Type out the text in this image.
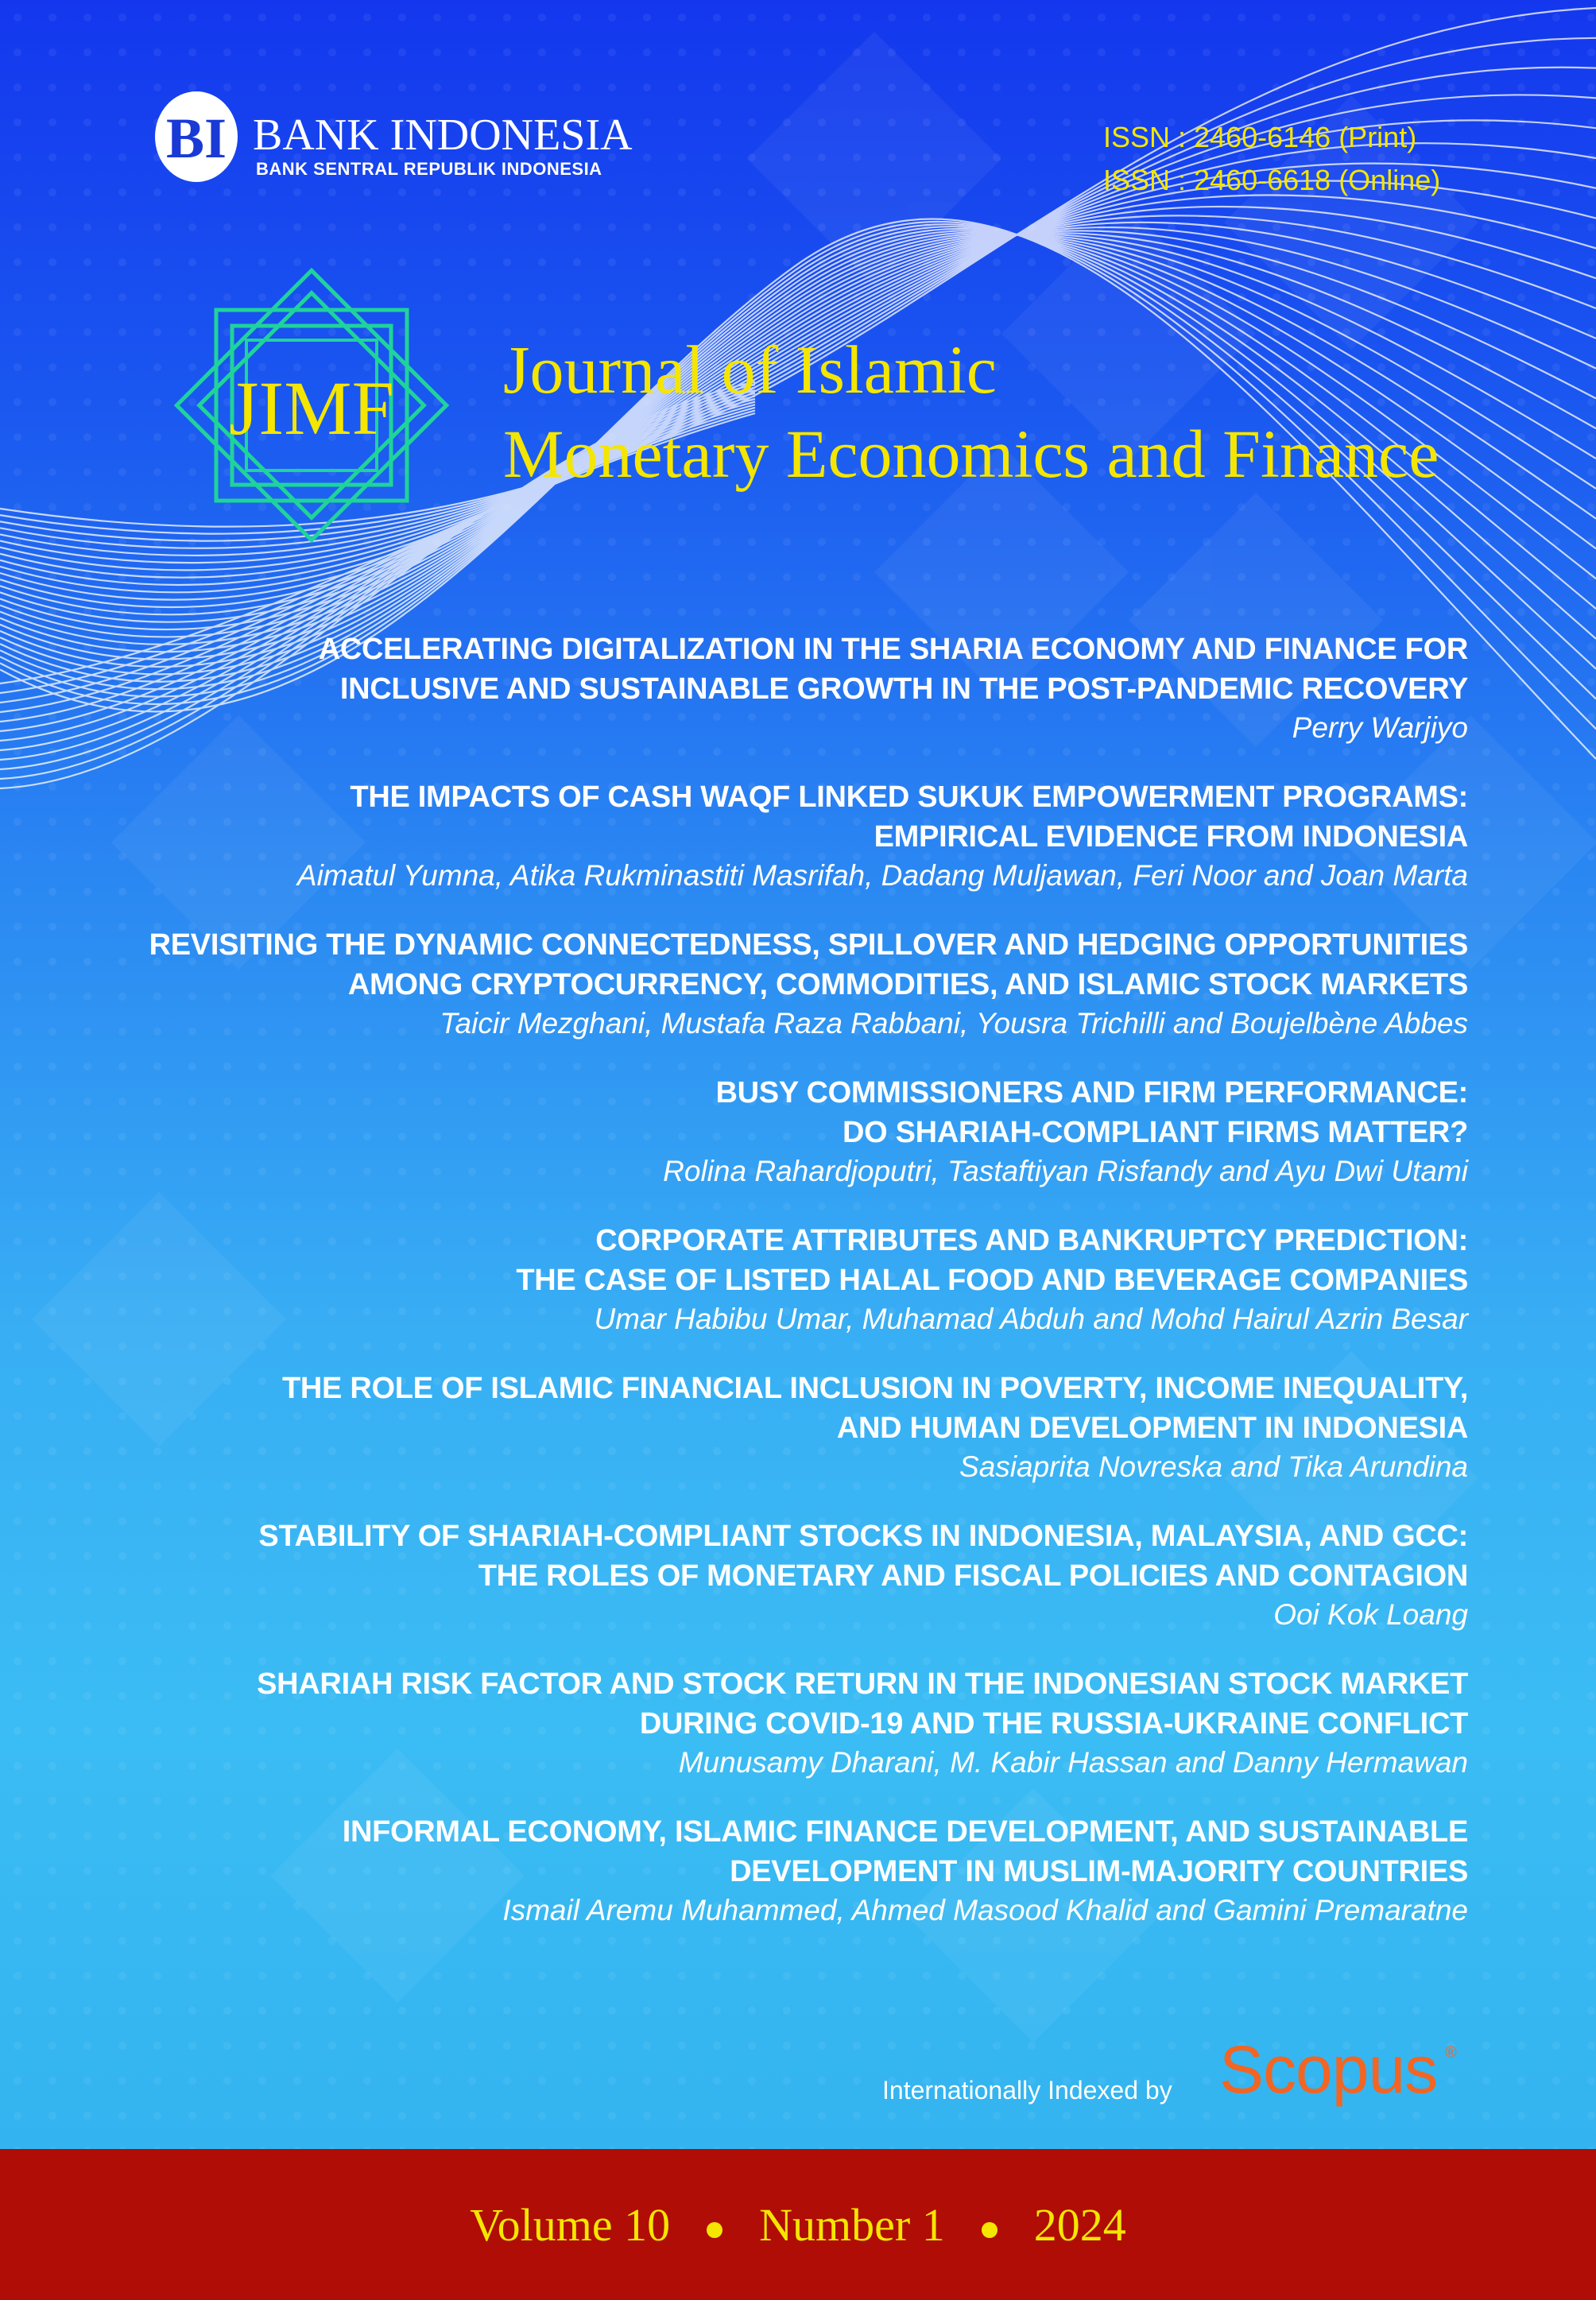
BI BANK INDONESIA
BANK SENTRAL REPUBLIK INDONESIA
ISSN : 2460-6146 (Print)
ISSN : 2460-6618 (Online)
JIMF Journal of Islamic
Monetary Economics and Finance
ACCELERATING DIGITALIZATION IN THE SHARIA ECONOMY AND FINANCE FOR
INCLUSIVE AND SUSTAINABLE GROWTH IN THE POST-PANDEMIC RECOVERY
Perry Warjiyo
THE IMPACTS OF CASH WAQF LINKED SUKUK EMPOWERMENT PROGRAMS:
EMPIRICAL EVIDENCE FROM INDONESIA
Aimatul Yumna, Atika Rukminastiti Masrifah, Dadang Muljawan, Feri Noor and Joan Marta
REVISITING THE DYNAMIC CONNECTEDNESS, SPILLOVER AND HEDGING OPPORTUNITIES
AMONG CRYPTOCURRENCY, COMMODITIES, AND ISLAMIC STOCK MARKETS
Taicir Mezghani, Mustafa Raza Rabbani, Yousra Trichilli and Boujelbène Abbes
BUSY COMMISSIONERS AND FIRM PERFORMANCE:
DO SHARIAH-COMPLIANT FIRMS MATTER?
Rolina Rahardjoputri, Tastaftiyan Risfandy and Ayu Dwi Utami
CORPORATE ATTRIBUTES AND BANKRUPTCY PREDICTION:
THE CASE OF LISTED HALAL FOOD AND BEVERAGE COMPANIES
Umar Habibu Umar, Muhamad Abduh and Mohd Hairul Azrin Besar
THE ROLE OF ISLAMIC FINANCIAL INCLUSION IN POVERTY, INCOME INEQUALITY,
AND HUMAN DEVELOPMENT IN INDONESIA
Sasiaprita Novreska and Tika Arundina
STABILITY OF SHARIAH-COMPLIANT STOCKS IN INDONESIA, MALAYSIA, AND GCC:
THE ROLES OF MONETARY AND FISCAL POLICIES AND CONTAGION
Ooi Kok Loang
SHARIAH RISK FACTOR AND STOCK RETURN IN THE INDONESIAN STOCK MARKET
DURING COVID-19 AND THE RUSSIA-UKRAINE CONFLICT
Munusamy Dharani, M. Kabir Hassan and Danny Hermawan
INFORMAL ECONOMY, ISLAMIC FINANCE DEVELOPMENT, AND SUSTAINABLE
DEVELOPMENT IN MUSLIM-MAJORITY COUNTRIES
Ismail Aremu Muhammed, Ahmed Masood Khalid and Gamini Premaratne
Internationally Indexed by Scopus ®
Volume 10 Number 1 2024
